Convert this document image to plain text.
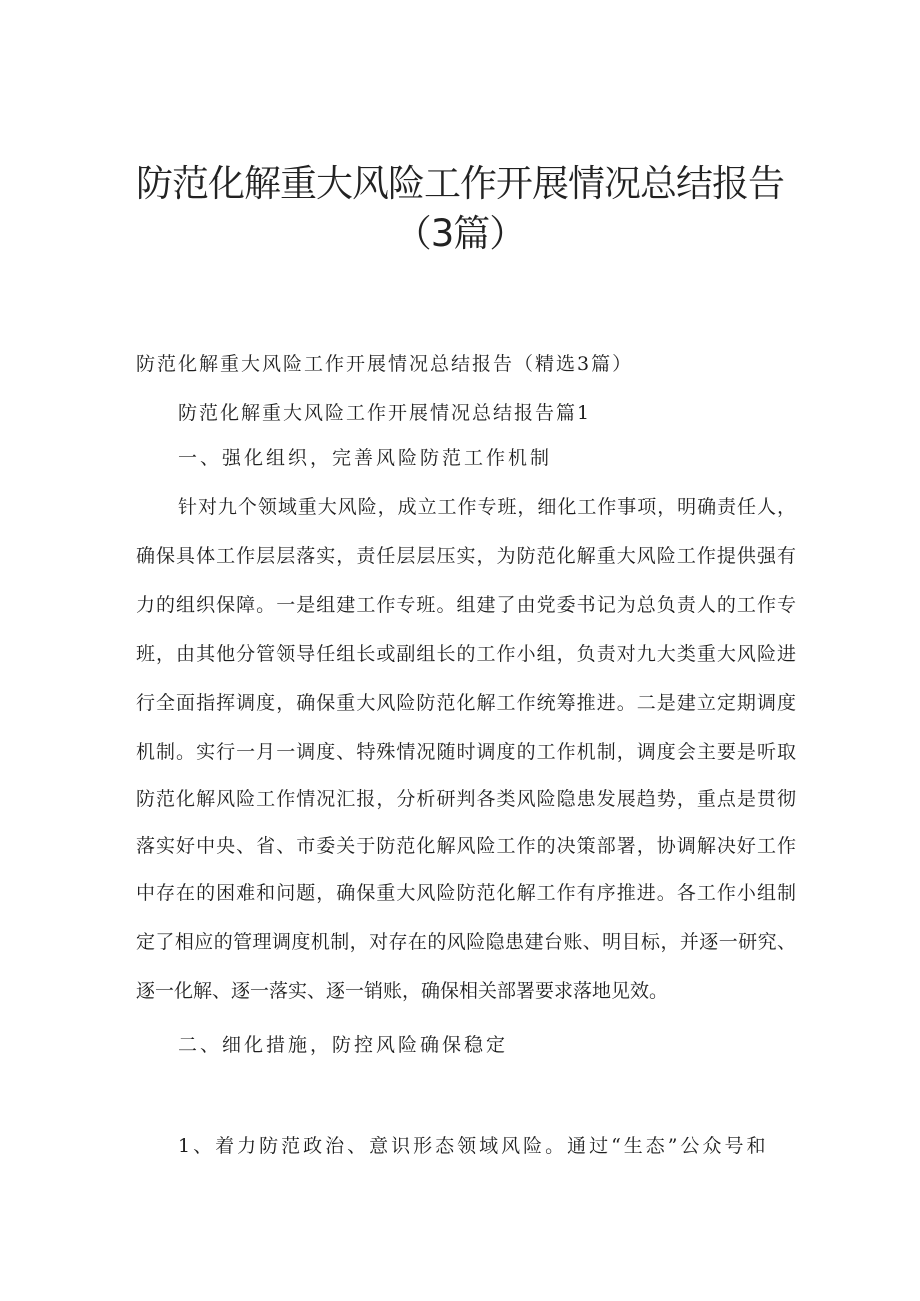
防范化解重大风险工作开展情况总结报告
（3篇）
防范化解重大风险工作开展情况总结报告（精选3篇）
防范化解重大风险工作开展情况总结报告篇1
一、强化组织，完善风险防范工作机制
针对九个领域重大风险，成立工作专班，细化工作事项，明确责任人，
确保具体工作层层落实，责任层层压实，为防范化解重大风险工作提供强有
力的组织保障。一是组建工作专班。组建了由党委书记为总负责人的工作专
班，由其他分管领导任组长或副组长的工作小组，负责对九大类重大风险进
行全面指挥调度，确保重大风险防范化解工作统筹推进。二是建立定期调度
机制。实行一月一调度、特殊情况随时调度的工作机制，调度会主要是听取
防范化解风险工作情况汇报，分析研判各类风险隐患发展趋势，重点是贯彻
落实好中央、省、市委关于防范化解风险工作的决策部署，协调解决好工作
中存在的困难和问题，确保重大风险防范化解工作有序推进。各工作小组制
定了相应的管理调度机制，对存在的风险隐患建台账、明目标，并逐一研究、
逐一化解、逐一落实、逐一销账，确保相关部署要求落地见效。
二、细化措施，防控风险确保稳定
1、着力防范政治、意识形态领域风险。通过“生态”公众号和
